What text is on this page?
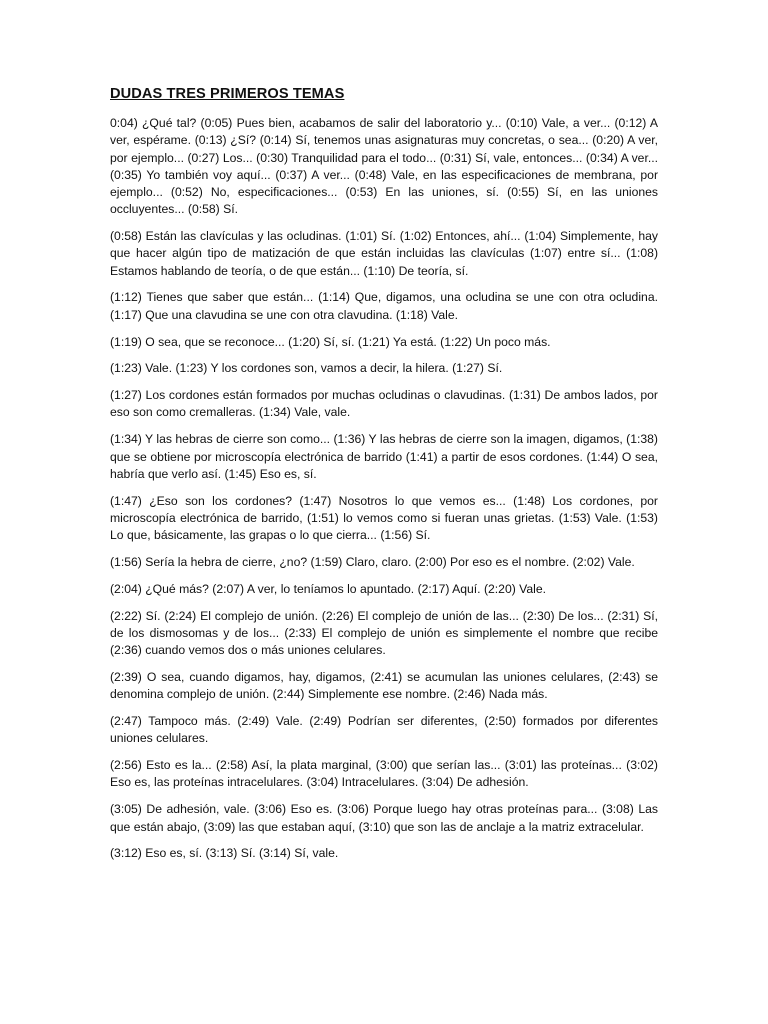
DUDAS TRES PRIMEROS TEMAS

0:04) ¿Qué tal? (0:05) Pues bien, acabamos de salir del laboratorio y... (0:10) Vale, a ver... (0:12) A ver, espérame. (0:13) ¿Sí? (0:14) Sí, tenemos unas asignaturas muy concretas, o sea... (0:20) A ver, por ejemplo... (0:27) Los... (0:30) Tranquilidad para el todo... (0:31) Sí, vale, entonces... (0:34) A ver... (0:35) Yo también voy aquí... (0:37) A ver... (0:48) Vale, en las especificaciones de membrana, por ejemplo... (0:52) No, especificaciones... (0:53) En las uniones, sí. (0:55) Sí, en las uniones occluyentes... (0:58) Sí.

(0:58) Están las clavículas y las ocludinas. (1:01) Sí. (1:02) Entonces, ahí... (1:04) Simplemente, hay que hacer algún tipo de matización de que están incluidas las clavículas (1:07) entre sí... (1:08) Estamos hablando de teoría, o de que están... (1:10) De teoría, sí.

(1:12) Tienes que saber que están... (1:14) Que, digamos, una ocludina se une con otra ocludina. (1:17) Que una clavudina se une con otra clavudina. (1:18) Vale.

(1:19) O sea, que se reconoce... (1:20) Sí, sí. (1:21) Ya está. (1:22) Un poco más.

(1:23) Vale. (1:23) Y los cordones son, vamos a decir, la hilera. (1:27) Sí.

(1:27) Los cordones están formados por muchas ocludinas o clavudinas. (1:31) De ambos lados, por eso son como cremalleras. (1:34) Vale, vale.

(1:34) Y las hebras de cierre son como... (1:36) Y las hebras de cierre son la imagen, digamos, (1:38) que se obtiene por microscopía electrónica de barrido (1:41) a partir de esos cordones. (1:44) O sea, habría que verlo así. (1:45) Eso es, sí.

(1:47) ¿Eso son los cordones? (1:47) Nosotros lo que vemos es... (1:48) Los cordones, por microscopía electrónica de barrido, (1:51) lo vemos como si fueran unas grietas. (1:53) Vale. (1:53) Lo que, básicamente, las grapas o lo que cierra... (1:56) Sí.

(1:56) Sería la hebra de cierre, ¿no? (1:59) Claro, claro. (2:00) Por eso es el nombre. (2:02) Vale.

(2:04) ¿Qué más? (2:07) A ver, lo teníamos lo apuntado. (2:17) Aquí. (2:20) Vale.

(2:22) Sí. (2:24) El complejo de unión. (2:26) El complejo de unión de las... (2:30) De los... (2:31) Sí, de los dismosomas y de los... (2:33) El complejo de unión es simplemente el nombre que recibe (2:36) cuando vemos dos o más uniones celulares.

(2:39) O sea, cuando digamos, hay, digamos, (2:41) se acumulan las uniones celulares, (2:43) se denomina complejo de unión. (2:44) Simplemente ese nombre. (2:46) Nada más.

(2:47) Tampoco más. (2:49) Vale. (2:49) Podrían ser diferentes, (2:50) formados por diferentes uniones celulares.

(2:56) Esto es la... (2:58) Así, la plata marginal, (3:00) que serían las... (3:01) las proteínas... (3:02) Eso es, las proteínas intracelulares. (3:04) Intracelulares. (3:04) De adhesión.

(3:05) De adhesión, vale. (3:06) Eso es. (3:06) Porque luego hay otras proteínas para... (3:08) Las que están abajo, (3:09) las que estaban aquí, (3:10) que son las de anclaje a la matriz extracelular.

(3:12) Eso es, sí. (3:13) Sí. (3:14) Sí, vale.
